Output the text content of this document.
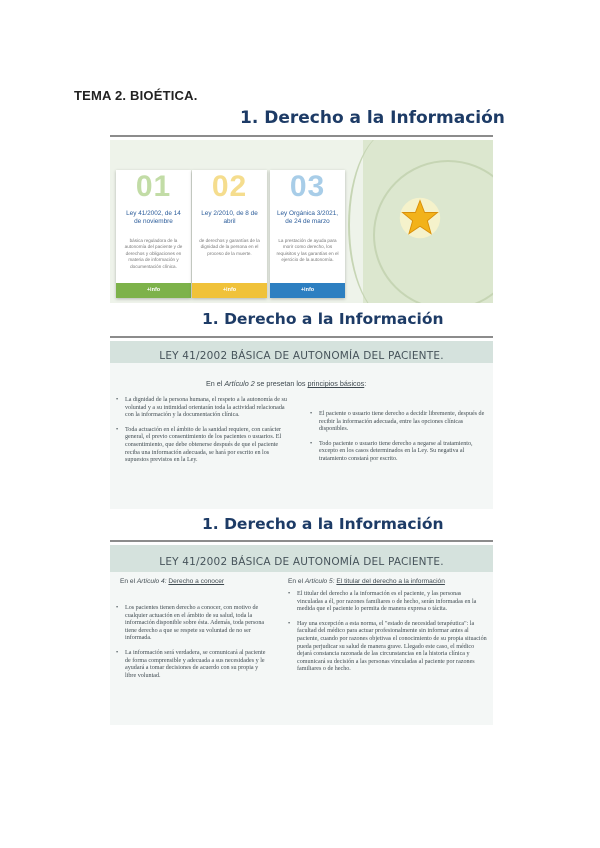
TEMA 2. BIOÉTICA.
1. Derecho a la Información
01
Ley 41/2002, de 14 de noviembre
básica reguladora de la autonomía del paciente y de derechos y obligaciones en materia de información y documentación clínica.
+info
02
Ley 2/2010, de 8 de abril
de derechos y garantías de la dignidad de la persona en el proceso de la muerte.
+info
03
Ley Orgánica 3/2021, de 24 de marzo
La prestación de ayuda para morir como derecho, los requisitos y las garantías en el ejercicio de la autonomía.
+info
1. Derecho a la Información
LEY 41/2002 BÁSICA DE AUTONOMÍA DEL PACIENTE.
En el Artículo 2 se presetan los principios básicos:
• La dignidad de la persona humana, el respeto a la autonomía de su voluntad y a su intimidad orientarán toda la actividad relacionada con la información y la documentación clínica.
• Toda actuación en el ámbito de la sanidad requiere, con carácter general, el previo consentimiento de los pacientes o usuarios. El consentimiento, que debe obtenerse después de que el paciente reciba una información adecuada, se hará por escrito en los supuestos previstos en la Ley.
• El paciente o usuario tiene derecho a decidir libremente, después de recibir la información adecuada, entre las opciones clínicas disponibles.
• Todo paciente o usuario tiene derecho a negarse al tratamiento, excepto en los casos determinados en la Ley. Su negativa al tratamiento constará por escrito.
1. Derecho a la Información
LEY 41/2002 BÁSICA DE AUTONOMÍA DEL PACIENTE.
En el Artículo 4: Derecho a conocer	En el Artículo 5: El titular del derecho a la información
• Los pacientes tienen derecho a conocer, con motivo de cualquier actuación en el ámbito de su salud, toda la información disponible sobre ésta. Además, toda persona tiene derecho a que se respete su voluntad de no ser informada.
• La información será verdadera, se comunicará al paciente de forma comprensible y adecuada a sus necesidades y le ayudará a tomar decisiones de acuerdo con su propia y libre voluntad.
• El titular del derecho a la información es el paciente, y las personas vinculadas a él, por razones familiares o de hecho, serán informadas en la medida que el paciente lo permita de manera expresa o tácita.
• Hay una excepción a esta norma, el "estado de necesidad terapéutica": la facultad del médico para actuar profesionalmente sin informar antes al paciente, cuando por razones objetivas el conocimiento de su propia situación pueda perjudicar su salud de manera grave. Llegado este caso, el médico dejará constancia razonada de las circunstancias en la historia clínica y comunicará su decisión a las personas vinculadas al paciente por razones familiares o de hecho.
